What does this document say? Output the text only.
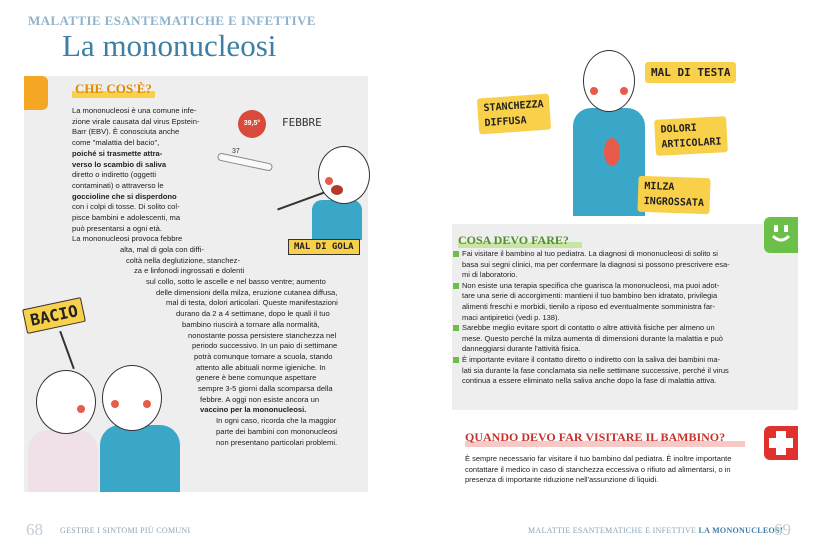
MALATTIE ESANTEMATICHE E INFETTIVE
La mononucleosi
CHE COS'È?
La mononucleosi è una comune infe-
zione virale causata dal virus Epstein-
Barr (EBV). È conosciuta anche
come "malattia del bacio",
poiché si trasmette attra-
verso lo scambio di saliva
diretto o indiretto (oggetti
contaminati) o attraverso le
goccioline che si disperdono
con i colpi di tosse. Di solito col-
pisce bambini e adolescenti, ma
può presentarsi a ogni età.
La mononucleosi provoca febbre
alta, mal di gola con diffi-
coltà nella deglutizione, stanchez-
za e linfonodi ingrossati e dolenti
sul collo, sotto le ascelle e nel basso ventre; aumento
delle dimensioni della milza, eruzione cutanea diffusa,
mal di testa, dolori articolari. Queste manifestazioni
durano da 2 a 4 settimane, dopo le quali il tuo
bambino riuscirà a tornare alla normalità,
nonostante possa persistere stanchezza nel
periodo successivo. In un paio di settimane
potrà comunque tornare a scuola, stando
attento alle abituali norme igieniche. In
genere è bene comunque aspettare
sempre 3-5 giorni dalla scomparsa della
febbre. A oggi non esiste ancora un
vaccino per la mononucleosi.
In ogni caso, ricorda che la maggior
parte dei bambini con mononucleosi
non presentano particolari problemi.
39,5°	FEBBRE
37
MAL DI GOLA
BACIO
68 GESTIRE I SINTOMI PIÙ COMUNI
STANCHEZZA
DIFFUSA
MAL DI TESTA
DOLORI
ARTICOLARI
MILZA
INGROSSATA
COSA DEVO FARE?
Fai visitare il bambino al tuo pediatra. La diagnosi di mononucleosi di solito si
basa sui segni clinici, ma per confermare la diagnosi si possono prescrivere esa-
mi di laboratorio.
Non esiste una terapia specifica che guarisca la mononucleosi, ma puoi adot-
tare una serie di accorgimenti: mantieni il tuo bambino ben idratato, privilegia
alimenti freschi e morbidi, tienilo a riposo ed eventualmente somministra far-
maci antipiretici (vedi p. 138).
Sarebbe meglio evitare sport di contatto o altre attività fisiche per almeno un
mese. Questo perché la milza aumenta di dimensioni durante la malattia e può
danneggiarsi durante l'attività fisica.
È importante evitare il contatto diretto o indiretto con la saliva dei bambini ma-
lati sia durante la fase conclamata sia nelle settimane successive, perché il virus
continua a essere eliminato nella saliva anche dopo la fase di malattia attiva.
QUANDO DEVO FAR VISITARE IL BAMBINO?
È sempre necessario far visitare il tuo bambino dal pediatra. È inoltre importante
contattare il medico in caso di stanchezza eccessiva o rifiuto ad alimentarsi, o in
presenza di importante riduzione nell'assunzione di liquidi.
MALATTIE ESANTEMATICHE E INFETTIVE LA MONONUCLEOSI
69
